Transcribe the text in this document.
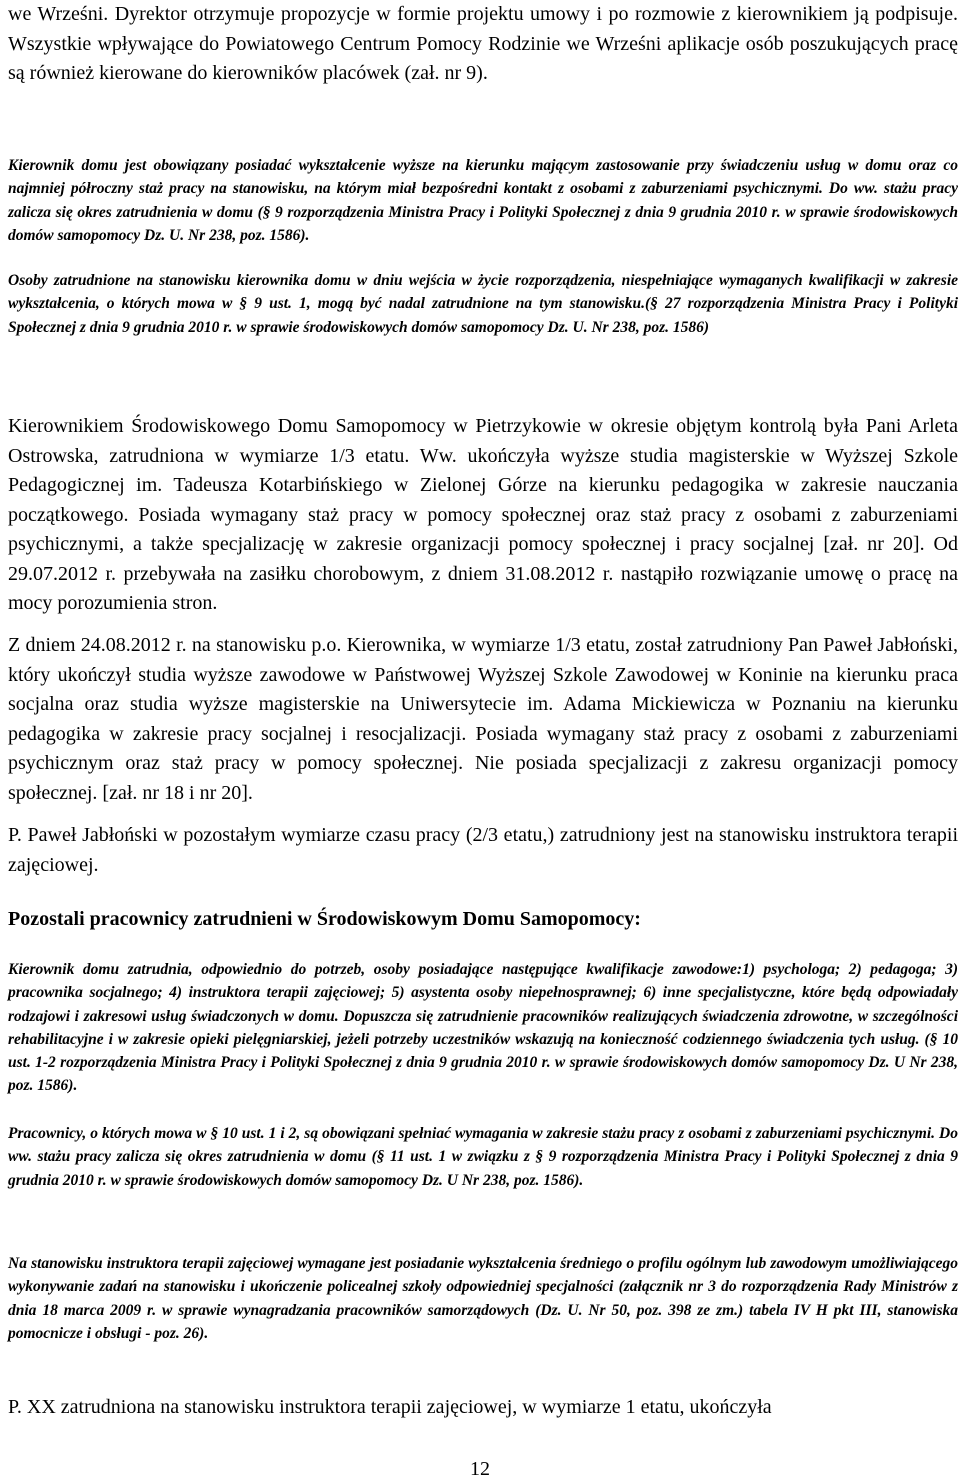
we Wrześni. Dyrektor otrzymuje propozycje w formie projektu umowy i po rozmowie z kierownikiem ją podpisuje. Wszystkie wpływające do Powiatowego Centrum Pomocy Rodzinie we Wrześni aplikacje osób poszukujących pracę są również kierowane do kierowników placówek (zał. nr 9).

Kierownik domu jest obowiązany posiadać wykształcenie wyższe na kierunku mającym zastosowanie przy świadczeniu usług w domu oraz co najmniej półroczny staż pracy na stanowisku, na którym miał bezpośredni kontakt z osobami z zaburzeniami psychicznymi. Do ww. stażu pracy zalicza się okres zatrudnienia w domu (§ 9 rozporządzenia Ministra Pracy i Polityki Społecznej z dnia 9 grudnia 2010 r. w sprawie środowiskowych domów samopomocy Dz. U. Nr 238, poz. 1586).

Osoby zatrudnione na stanowisku kierownika domu w dniu wejścia w życie rozporządzenia, niespełniające wymaganych kwalifikacji w zakresie wykształcenia, o których mowa w § 9 ust. 1, mogą być nadal zatrudnione na tym stanowisku.(§ 27 rozporządzenia Ministra Pracy i Polityki Społecznej z dnia 9 grudnia 2010 r. w sprawie środowiskowych domów samopomocy Dz. U. Nr 238, poz. 1586)

Kierownikiem Środowiskowego Domu Samopomocy w Pietrzykowie w okresie objętym kontrolą była Pani Arleta Ostrowska, zatrudniona w wymiarze 1/3 etatu. Ww. ukończyła wyższe studia magisterskie w Wyższej Szkole Pedagogicznej im. Tadeusza Kotarbińskiego w Zielonej Górze na kierunku pedagogika w zakresie nauczania początkowego. Posiada wymagany staż pracy w pomocy społecznej oraz staż pracy z osobami z zaburzeniami psychicznymi, a także specjalizację w zakresie organizacji pomocy społecznej i pracy socjalnej [zał. nr 20]. Od 29.07.2012 r. przebywała na zasiłku chorobowym, z dniem 31.08.2012 r. nastąpiło rozwiązanie umowę o pracę na mocy porozumienia stron.

Z dniem 24.08.2012 r. na stanowisku p.o. Kierownika, w wymiarze 1/3 etatu, został zatrudniony Pan Paweł Jabłoński, który ukończył studia wyższe zawodowe w Państwowej Wyższej Szkole Zawodowej w Koninie na kierunku praca socjalna oraz studia wyższe magisterskie na Uniwersytecie im. Adama Mickiewicza w Poznaniu na kierunku pedagogika w zakresie pracy socjalnej i resocjalizacji. Posiada wymagany staż pracy z osobami z zaburzeniami psychicznym oraz staż pracy w pomocy społecznej. Nie posiada specjalizacji z zakresu organizacji pomocy społecznej. [zał. nr 18 i nr 20].

P. Paweł Jabłoński w pozostałym wymiarze czasu pracy (2/3 etatu,) zatrudniony jest na stanowisku instruktora terapii zajęciowej.

Pozostali pracownicy zatrudnieni w Środowiskowym Domu Samopomocy:

Kierownik domu zatrudnia, odpowiednio do potrzeb, osoby posiadające następujące kwalifikacje zawodowe:1) psychologa; 2) pedagoga; 3) pracownika socjalnego; 4) instruktora terapii zajęciowej; 5) asystenta osoby niepełnosprawnej; 6) inne specjalistyczne, które będą odpowiadały rodzajowi i zakresowi usług świadczonych w domu. Dopuszcza się zatrudnienie pracowników realizujących świadczenia zdrowotne, w szczególności rehabilitacyjne i w zakresie opieki pielęgniarskiej, jeżeli potrzeby uczestników wskazują na konieczność codziennego świadczenia tych usług. (§ 10 ust. 1-2 rozporządzenia Ministra Pracy i Polityki Społecznej z dnia 9 grudnia 2010 r. w sprawie środowiskowych domów samopomocy Dz. U Nr 238, poz. 1586).

Pracownicy, o których mowa w § 10 ust. 1 i 2, są obowiązani spełniać wymagania w zakresie stażu pracy z osobami z zaburzeniami psychicznymi. Do ww. stażu pracy zalicza się okres zatrudnienia w domu (§ 11 ust. 1 w związku z § 9 rozporządzenia Ministra Pracy i Polityki Społecznej z dnia 9 grudnia 2010 r. w sprawie środowiskowych domów samopomocy Dz. U Nr 238, poz. 1586).

Na stanowisku instruktora terapii zajęciowej wymagane jest posiadanie wykształcenia średniego o profilu ogólnym lub zawodowym umożliwiającego wykonywanie zadań na stanowisku i ukończenie policealnej szkoły odpowiedniej specjalności (załącznik nr 3 do rozporządzenia Rady Ministrów z dnia 18 marca 2009 r. w sprawie wynagradzania pracowników samorządowych (Dz. U. Nr 50, poz. 398 ze zm.) tabela IV H pkt III, stanowiska pomocnicze i obsługi - poz. 26).

P. XX zatrudniona na stanowisku instruktora terapii zajęciowej, w wymiarze 1 etatu, ukończyła

12
